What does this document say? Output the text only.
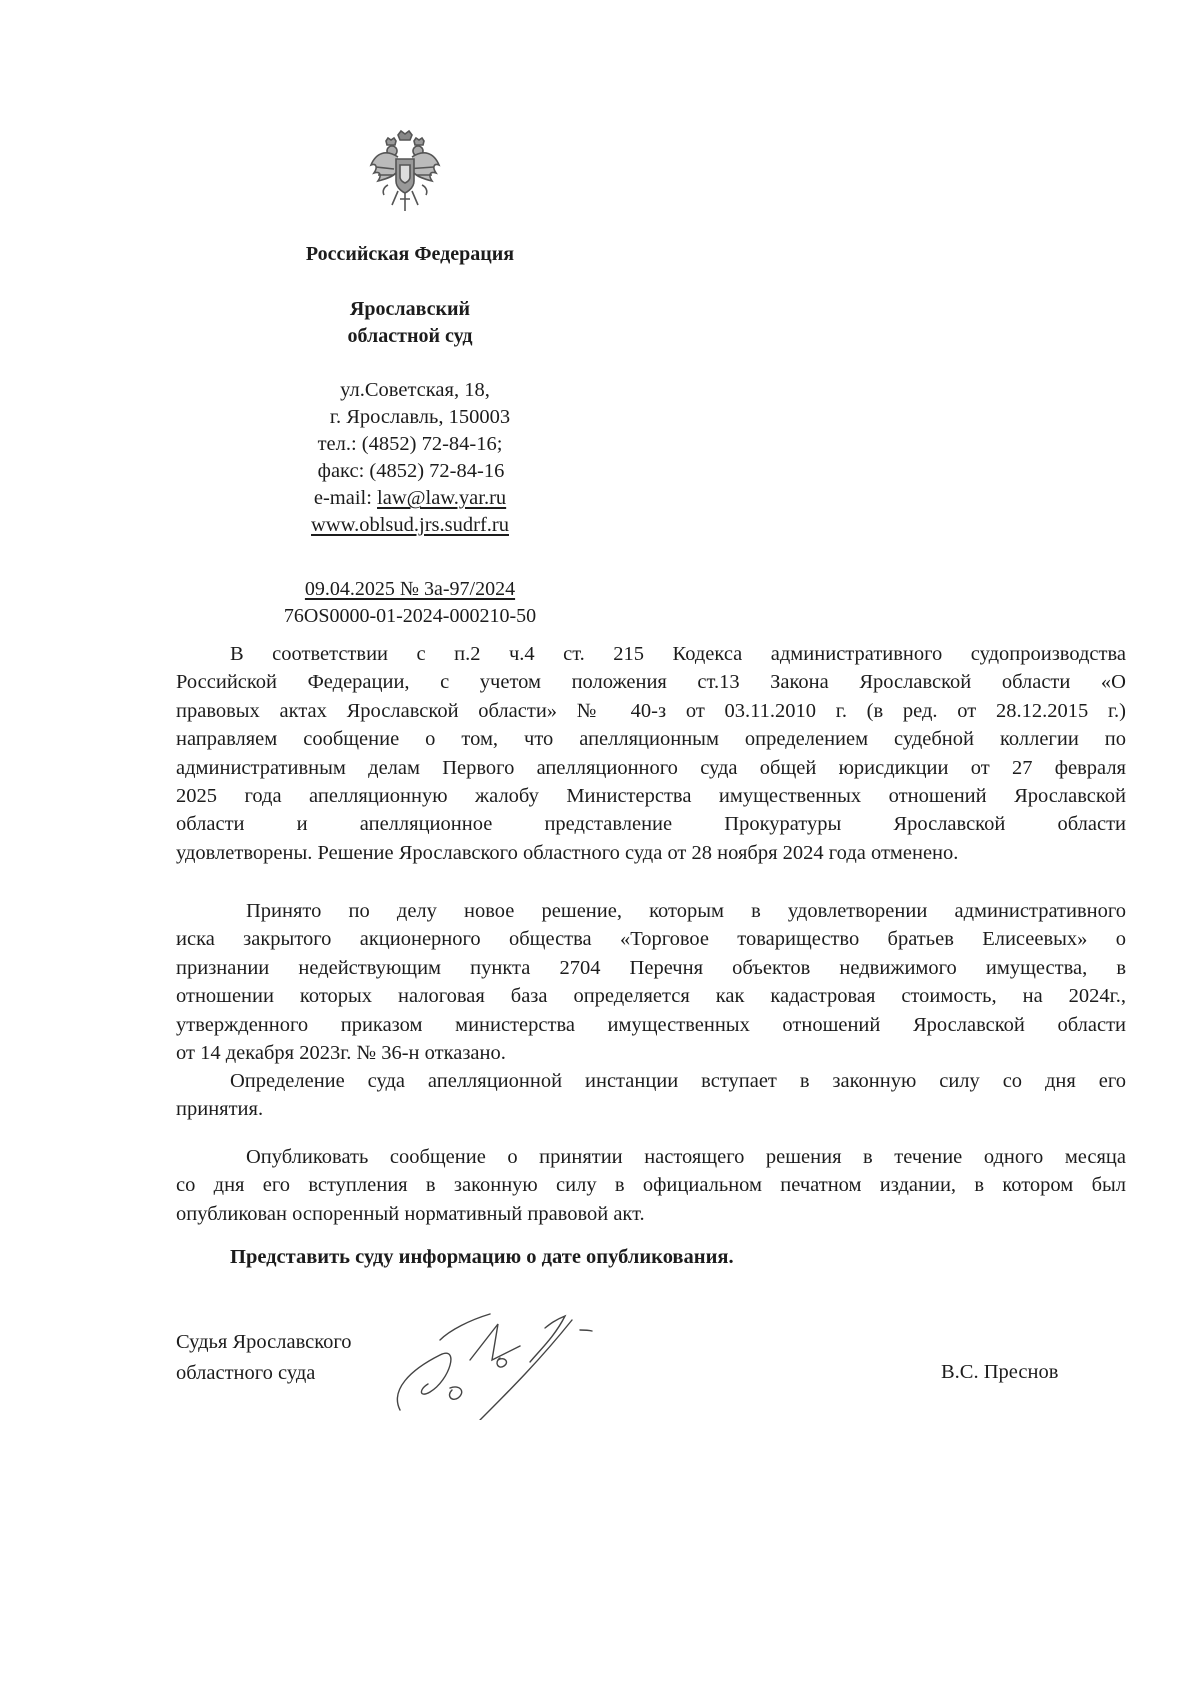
Российская Федерация
Ярославский
областной суд
ул.Советская, 18,
г. Ярославль, 150003
тел.: (4852) 72-84-16;
факс: (4852) 72-84-16
e-mail: law@law.yar.ru
www.oblsud.jrs.sudrf.ru
09.04.2025 № 3а-97/2024
76OS0000-01-2024-000210-50
В соответствии с п.2 ч.4 ст. 215 Кодекса административного судопроизводства
Российской Федерации, с учетом положения ст.13 Закона Ярославской области «О
правовых актах Ярославской области» № 40-з от 03.11.2010 г. (в ред. от 28.12.2015 г.)
направляем сообщение о том, что апелляционным определением судебной коллегии по
административным делам Первого апелляционного суда общей юрисдикции от 27 февраля
2025 года апелляционную жалобу Министерства имущественных отношений Ярославской
области и апелляционное представление Прокуратуры Ярославской области
удовлетворены. Решение Ярославского областного суда от 28 ноября 2024 года отменено.
Принято по делу новое решение, которым в удовлетворении административного
иска закрытого акционерного общества «Торговое товарищество братьев Елисеевых» о
признании недействующим пункта 2704 Перечня объектов недвижимого имущества, в
отношении которых налоговая база определяется как кадастровая стоимость, на 2024г.,
утвержденного приказом министерства имущественных отношений Ярославской области
от 14 декабря 2023г. № 36-н отказано.
Определение суда апелляционной инстанции вступает в законную силу со дня его
принятия.
Опубликовать сообщение о принятии настоящего решения в течение одного месяца
со дня его вступления в законную силу в официальном печатном издании, в котором был
опубликован оспоренный нормативный правовой акт.
Представить суду информацию о дате опубликования.
Судья Ярославского
областного суда	В.С. Преснов
